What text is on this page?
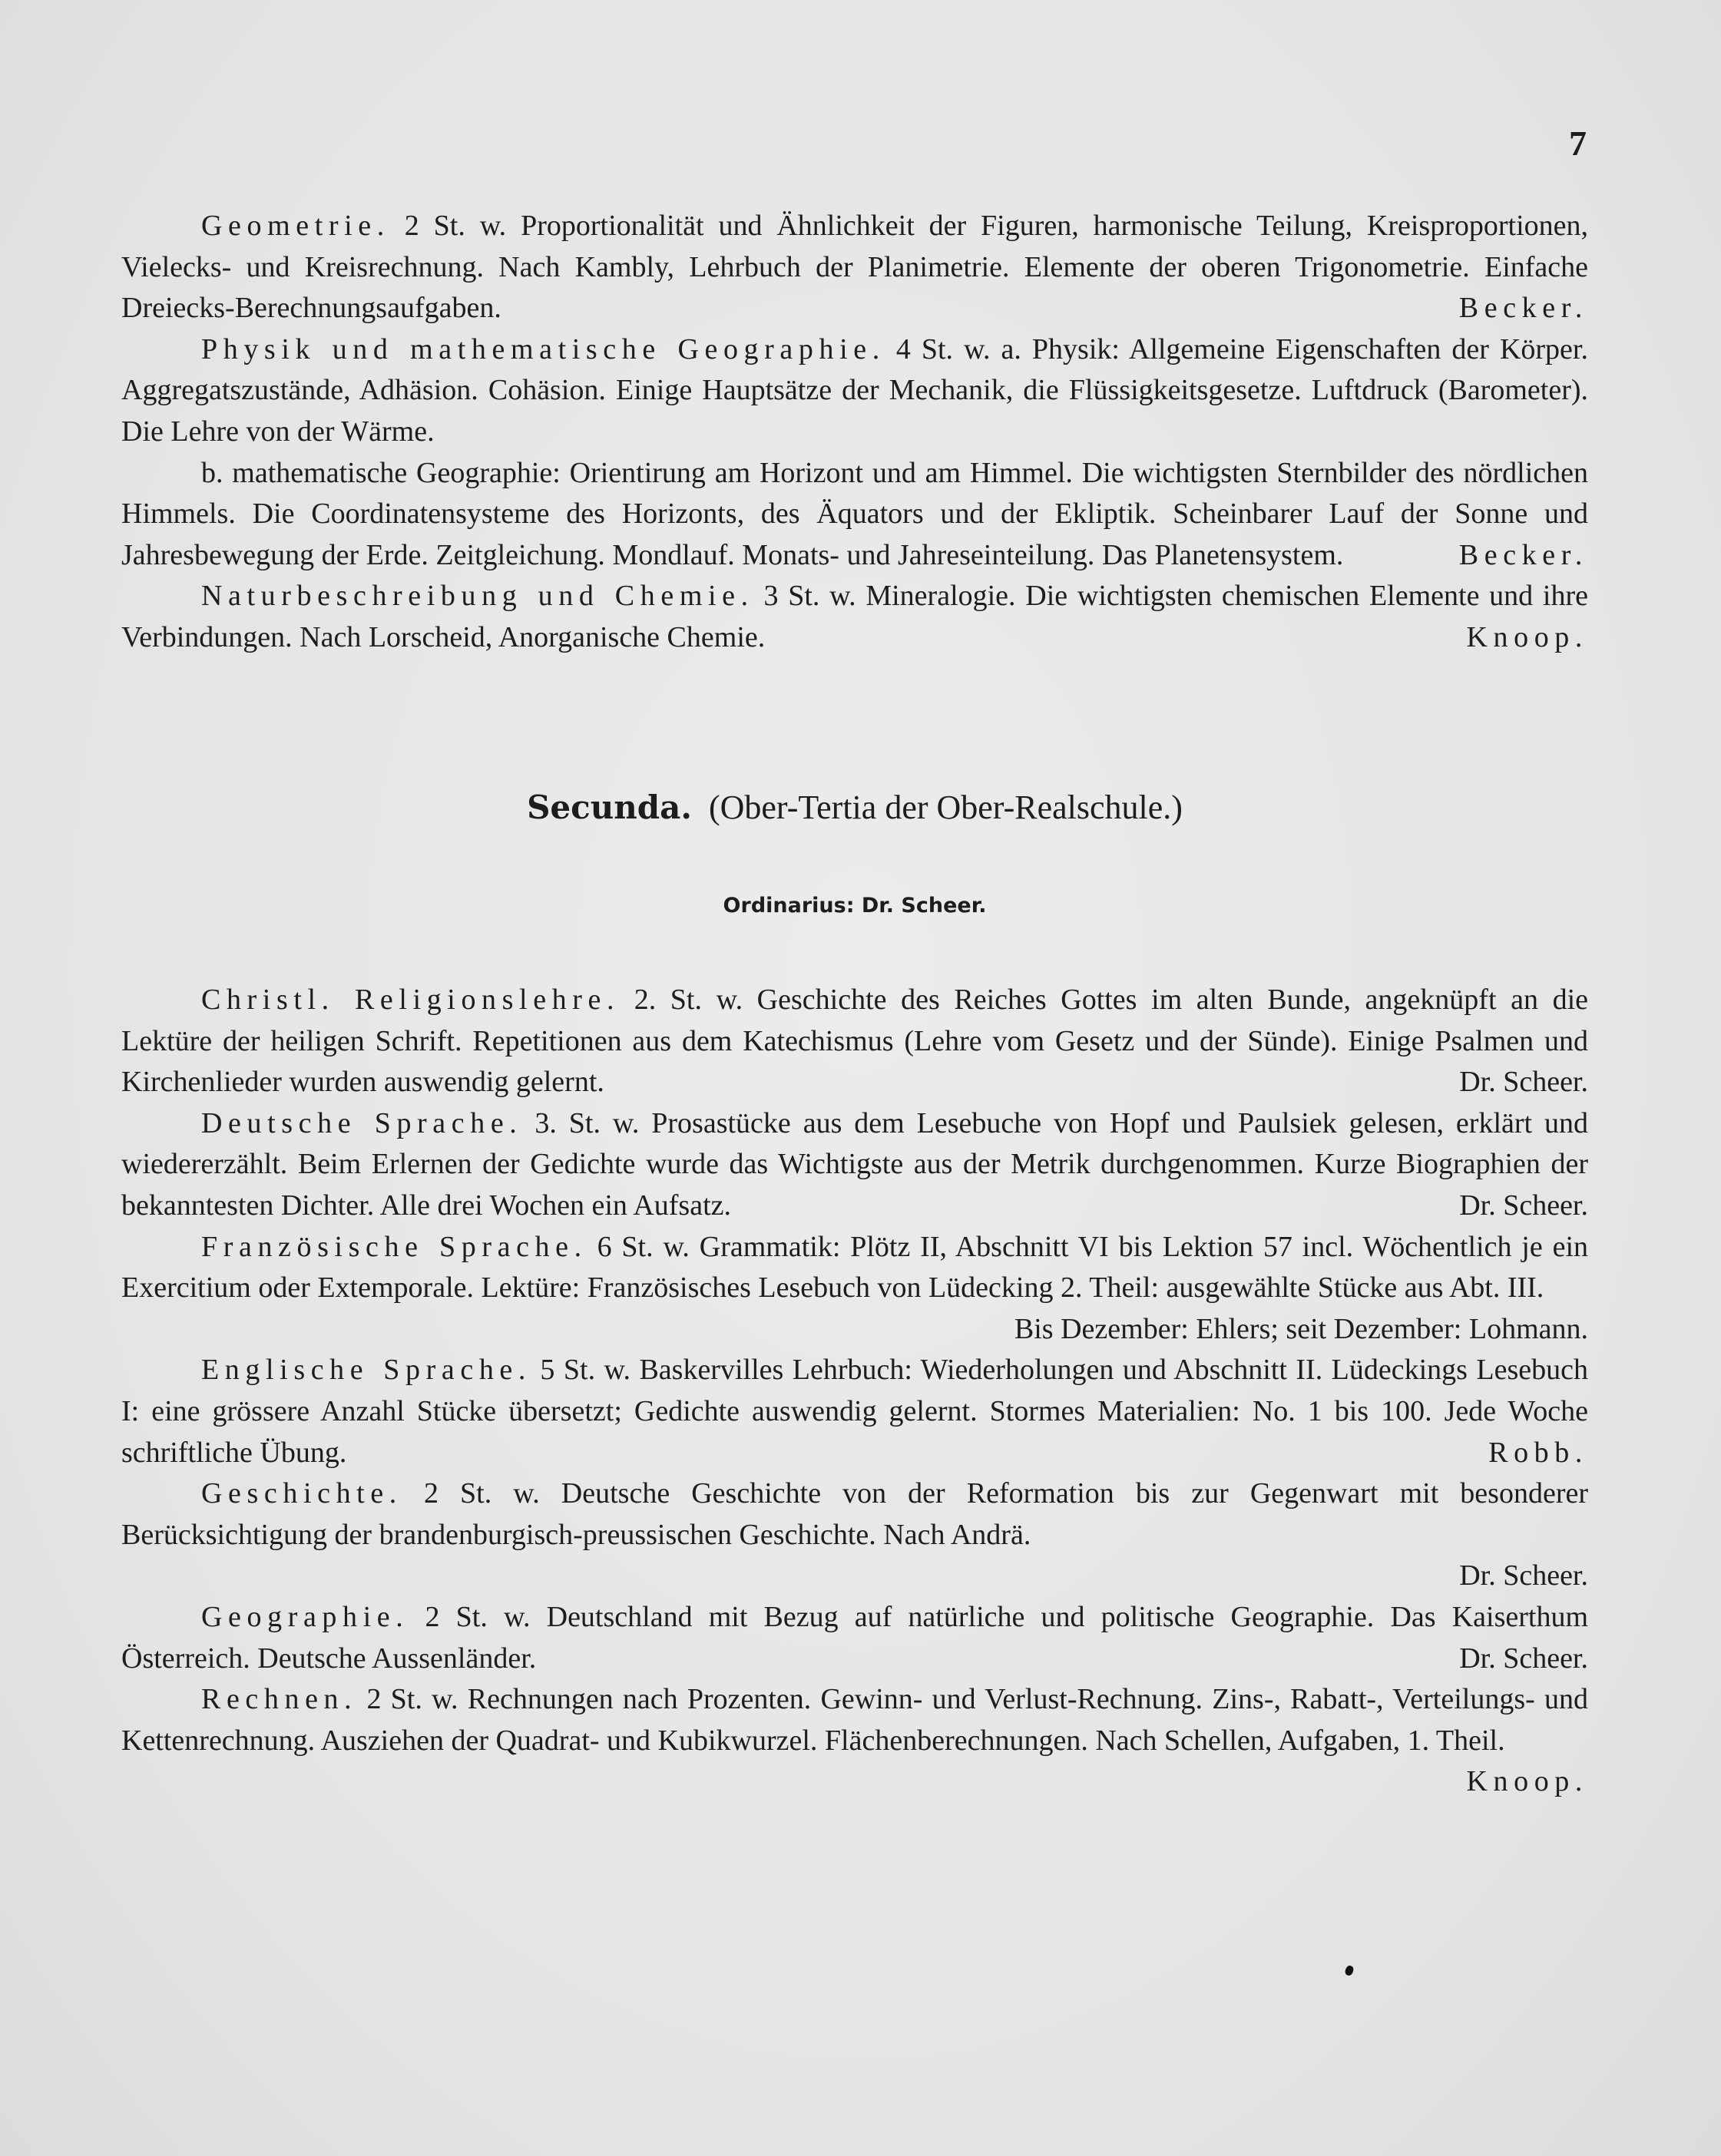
7

Geometrie. 2 St. w. Proportionalität und Ähnlichkeit der Figuren, harmonische Teilung, Kreisproportionen, Vielecks- und Kreisrechnung. Nach Kambly, Lehrbuch der Planimetrie. Elemente der oberen Trigonometrie. Einfache Dreiecks-Berechnungsaufgaben.	Becker.

Physik und mathematische Geographie. 4 St. w. a. Physik: Allgemeine Eigenschaften der Körper. Aggregatszustände, Adhäsion. Cohäsion. Einige Hauptsätze der Mechanik, die Flüssigkeitsgesetze. Luftdruck (Barometer). Die Lehre von der Wärme.

b. mathematische Geographie: Orientirung am Horizont und am Himmel. Die wichtigsten Sternbilder des nördlichen Himmels. Die Coordinatensysteme des Horizonts, des Äquators und der Ekliptik. Scheinbarer Lauf der Sonne und Jahresbewegung der Erde. Zeitgleichung. Mondlauf. Monats- und Jahreseinteilung. Das Planetensystem.	Becker.

Naturbeschreibung und Chemie. 3 St. w. Mineralogie. Die wichtigsten chemischen Elemente und ihre Verbindungen. Nach Lorscheid, Anorganische Chemie.	Knoop.

Secunda. (Ober-Tertia der Ober-Realschule.)
Ordinarius: Dr. Scheer.

Christl. Religionslehre. 2. St. w. Geschichte des Reiches Gottes im alten Bunde, angeknüpft an die Lektüre der heiligen Schrift. Repetitionen aus dem Katechismus (Lehre vom Gesetz und der Sünde). Einige Psalmen und Kirchenlieder wurden auswendig gelernt.	Dr. Scheer.

Deutsche Sprache. 3. St. w. Prosastücke aus dem Lesebuche von Hopf und Paulsiek gelesen, erklärt und wiedererzählt. Beim Erlernen der Gedichte wurde das Wichtigste aus der Metrik durchgenommen. Kurze Biographien der bekanntesten Dichter. Alle drei Wochen ein Aufsatz.	Dr. Scheer.

Französische Sprache. 6 St. w. Grammatik: Plötz II, Abschnitt VI bis Lektion 57 incl. Wöchentlich je ein Exercitium oder Extemporale. Lektüre: Französisches Lesebuch von Lüdecking 2. Theil: ausgewählte Stücke aus Abt. III.
Bis Dezember: Ehlers; seit Dezember: Lohmann.

Englische Sprache. 5 St. w. Baskervilles Lehrbuch: Wiederholungen und Abschnitt II. Lüdeckings Lesebuch I: eine grössere Anzahl Stücke übersetzt; Gedichte auswendig gelernt. Stormes Materialien: No. 1 bis 100. Jede Woche schriftliche Übung.	Robb.

Geschichte. 2 St. w. Deutsche Geschichte von der Reformation bis zur Gegenwart mit besonderer Berücksichtigung der brandenburgisch-preussischen Geschichte. Nach Andrä.
Dr. Scheer.

Geographie. 2 St. w. Deutschland mit Bezug auf natürliche und politische Geographie. Das Kaiserthum Österreich. Deutsche Aussenländer.	Dr. Scheer.

Rechnen. 2 St. w. Rechnungen nach Prozenten. Gewinn- und Verlust-Rechnung. Zins-, Rabatt-, Verteilungs- und Kettenrechnung. Ausziehen der Quadrat- und Kubikwurzel. Flächenberechnungen. Nach Schellen, Aufgaben, 1. Theil.
Knoop.
